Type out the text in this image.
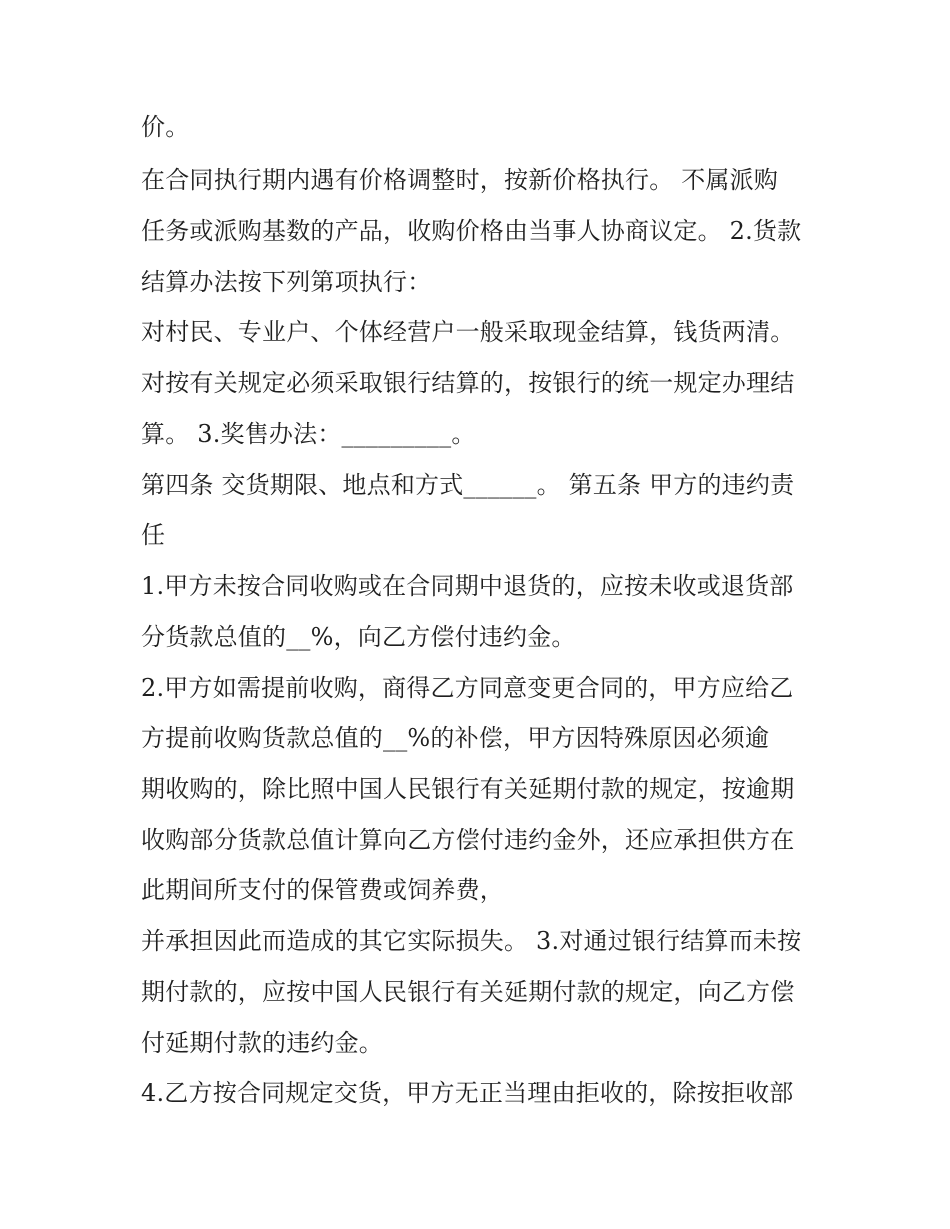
价。
在合同执行期内遇有价格调整时，按新价格执行。 不属派购
任务或派购基数的产品，收购价格由当事人协商议定。 2.货款
结算办法按下列第项执行：
对村民、专业户、个体经营户一般采取现金结算，钱货两清。
对按有关规定必须采取银行结算的，按银行的统一规定办理结
算。 3.奖售办法：_________。
第四条 交货期限、地点和方式______。 第五条 甲方的违约责
任
1.甲方未按合同收购或在合同期中退货的，应按未收或退货部
分货款总值的__%，向乙方偿付违约金。
2.甲方如需提前收购，商得乙方同意变更合同的，甲方应给乙
方提前收购货款总值的__%的补偿，甲方因特殊原因必须逾
期收购的，除比照中国人民银行有关延期付款的规定，按逾期
收购部分货款总值计算向乙方偿付违约金外，还应承担供方在
此期间所支付的保管费或饲养费，
并承担因此而造成的其它实际损失。 3.对通过银行结算而未按
期付款的，应按中国人民银行有关延期付款的规定，向乙方偿
付延期付款的违约金。
4.乙方按合同规定交货，甲方无正当理由拒收的，除按拒收部
